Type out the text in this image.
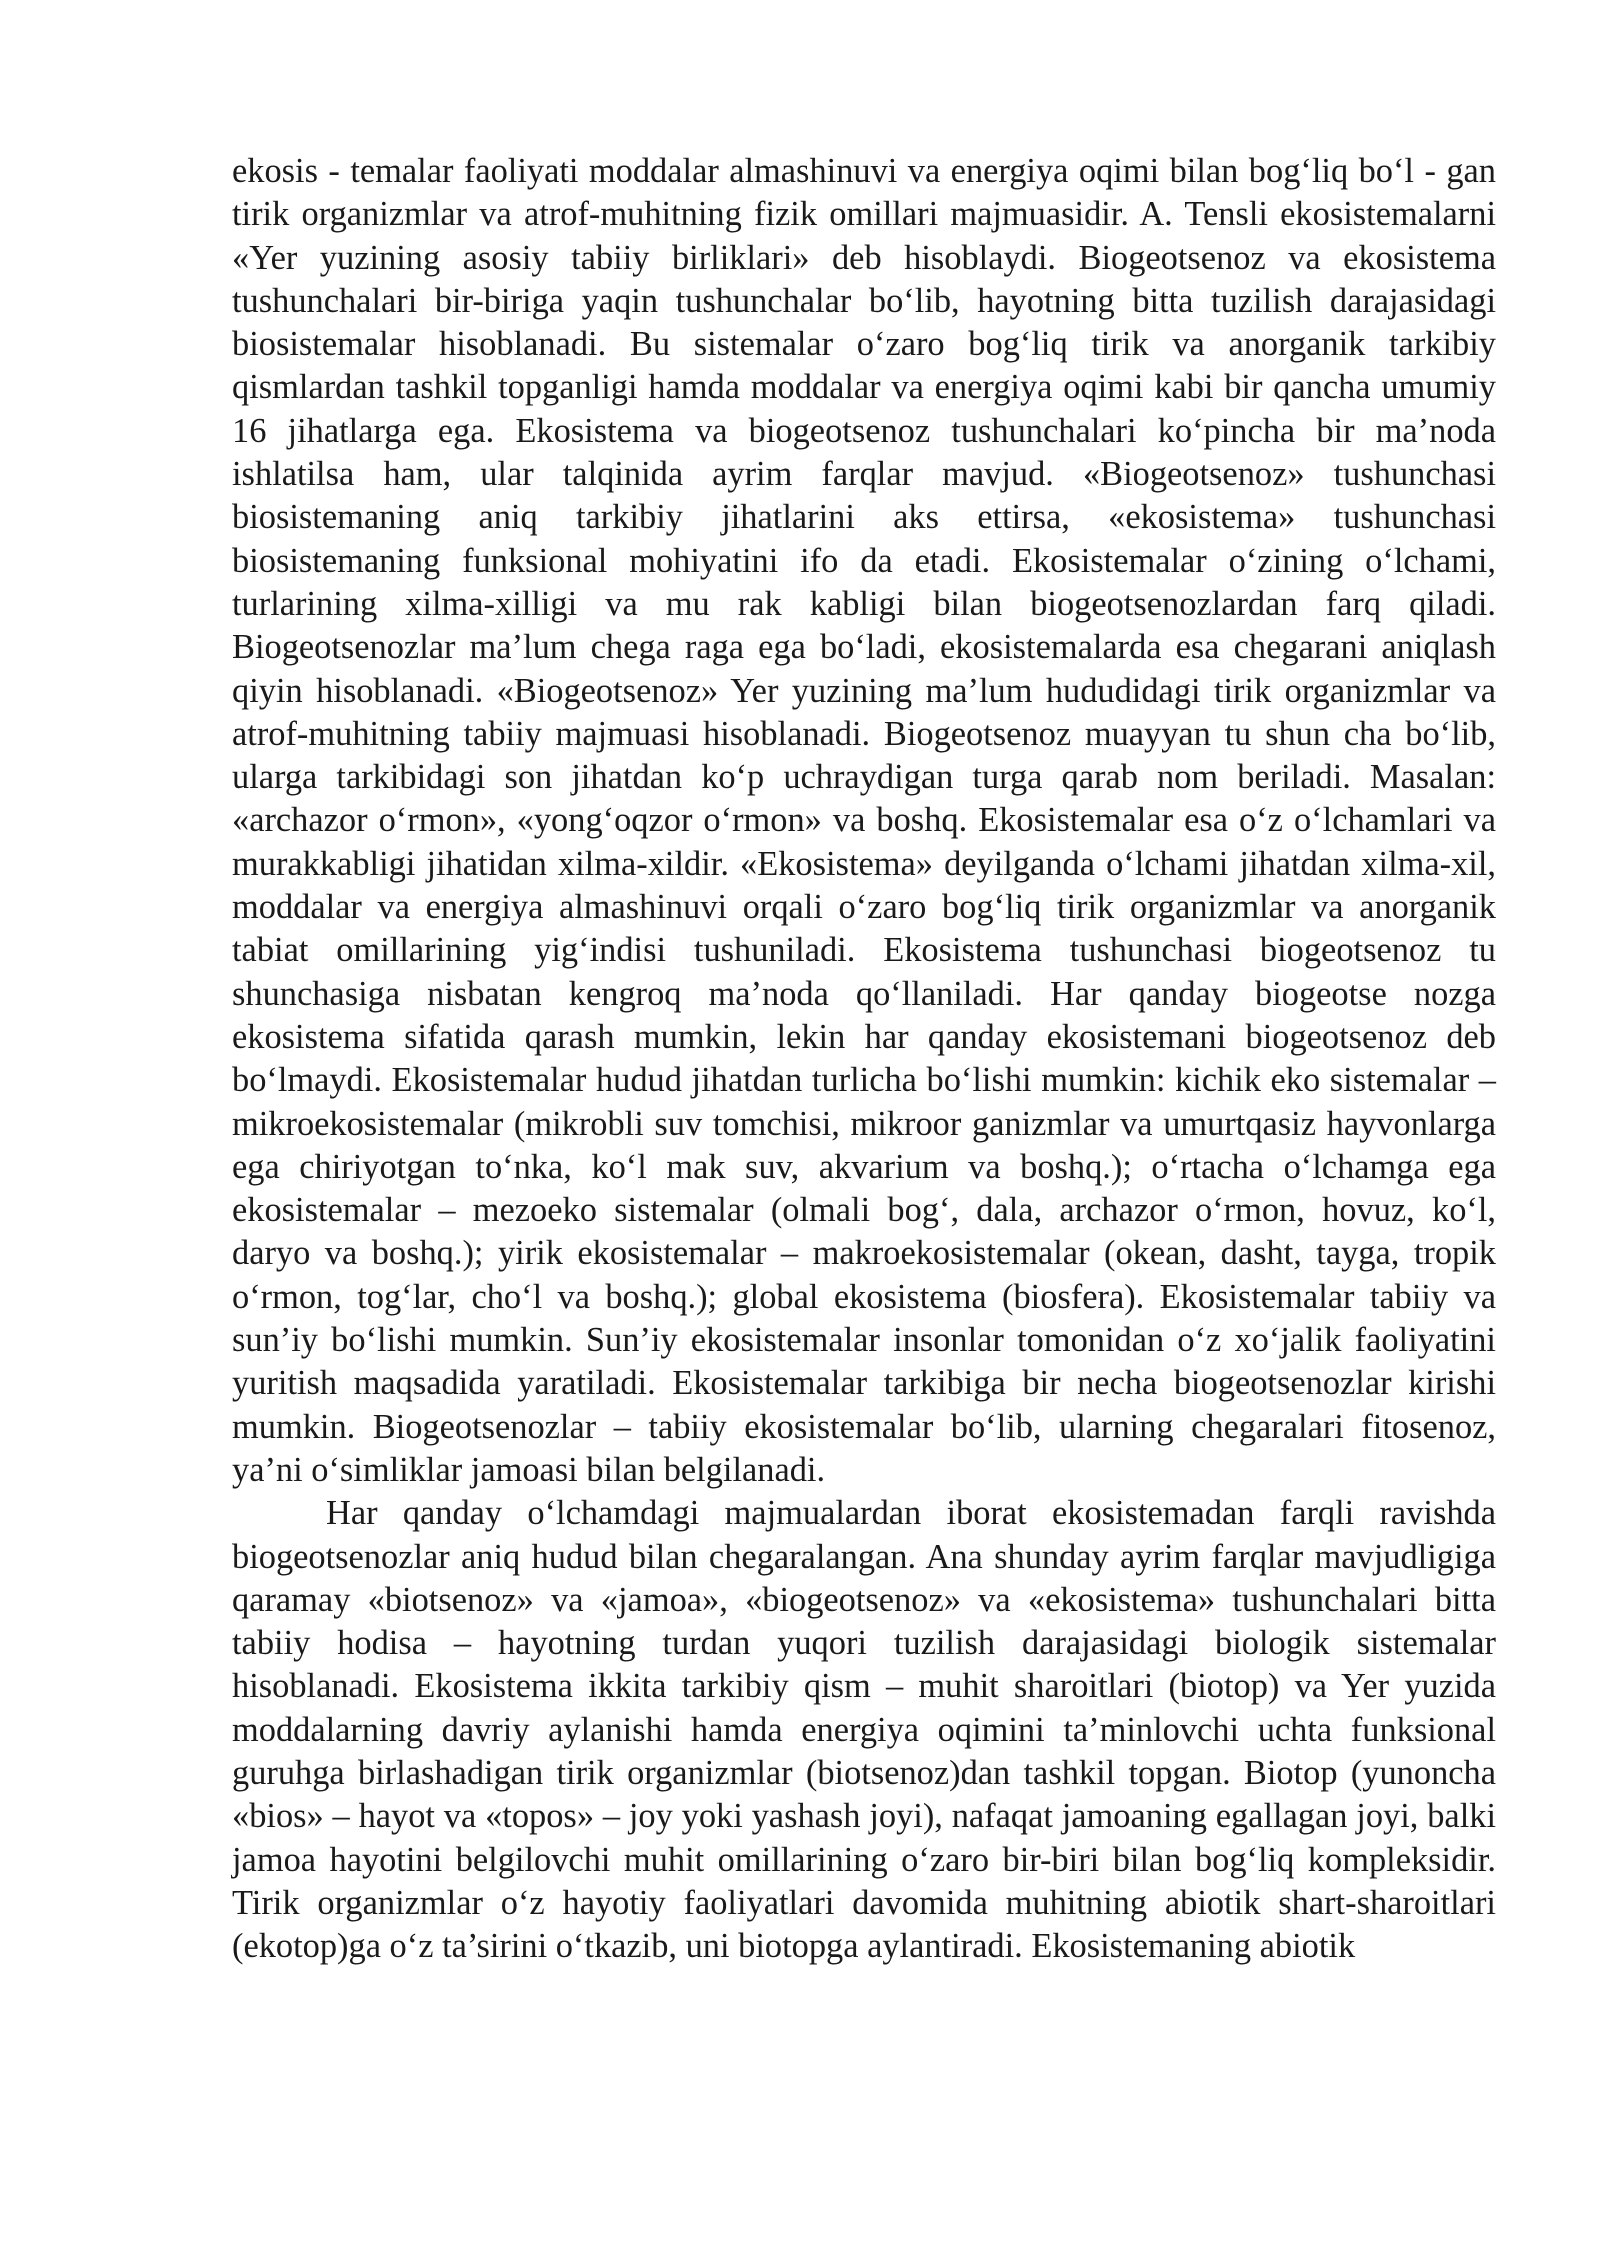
ekosis - temalar faoliyati moddalar almashinuvi va energiya oqimi bilan bog‘liq bo‘l - gan tirik organizmlar va atrof-muhitning fizik omillari majmuasidir. A. Tensli ekosistemalarni «Yer yuzining asosiy tabiiy birliklari» deb hisoblaydi. Biogeotsenoz va ekosistema tushunchalari bir-biriga yaqin tushunchalar bo‘lib, hayotning bitta tuzilish darajasidagi biosistemalar hisoblanadi. Bu sistemalar o‘zaro bog‘liq tirik va anorganik tarkibiy qismlardan tashkil topganligi hamda moddalar va energiya oqimi kabi bir qancha umumiy 16 jihatlarga ega. Ekosistema va biogeotsenoz tushunchalari ko‘pincha bir ma’noda ishlatilsa ham, ular talqinida ayrim farqlar mavjud. «Biogeotsenoz» tushunchasi biosistemaning aniq tarkibiy jihatlarini aks ettirsa, «ekosistema» tushunchasi biosistemaning funksional mohiyatini ifo da etadi. Ekosistemalar o‘zining o‘lchami, turlarining xilma-xilligi va mu rak kabligi bilan biogeotsenozlardan farq qiladi. Biogeotsenozlar ma’lum chega raga ega bo‘ladi, ekosistemalarda esa chegarani aniqlash qiyin hisoblanadi. «Biogeotsenoz» Yer yuzining ma’lum hududidagi tirik organizmlar va atrof-muhitning tabiiy majmuasi hisoblanadi. Biogeotsenoz muayyan tu shun cha bo‘lib, ularga tarkibidagi son jihatdan ko‘p uchraydigan turga qarab nom beriladi. Masalan: «archazor o‘rmon», «yong‘oqzor o‘rmon» va boshq. Ekosistemalar esa o‘z o‘lchamlari va murakkabligi jihatidan xilma-xildir. «Ekosistema» deyilganda o‘lchami jihatdan xilma-xil, moddalar va energiya almashinuvi orqali o‘zaro bog‘liq tirik organizmlar va anorganik tabiat omillarining yig‘indisi tushuniladi. Ekosistema tushunchasi biogeotsenoz tu shunchasiga nisbatan kengroq ma’noda qo‘llaniladi. Har qanday biogeotse nozga ekosistema sifatida qarash mumkin, lekin har qanday ekosistemani biogeotsenoz deb bo‘lmaydi. Ekosistemalar hudud jihatdan turlicha bo‘lishi mumkin: kichik eko sistemalar – mikroekosistemalar (mikrobli suv tomchisi, mikroor ganizmlar va umurtqasiz hayvonlarga ega chiriyotgan to‘nka, ko‘l mak suv, akvarium va boshq.); o‘rtacha o‘lchamga ega ekosistemalar – mezoeko sistemalar (olmali bog‘, dala, archazor o‘rmon, hovuz, ko‘l, daryo va boshq.); yirik ekosistemalar – makroekosistemalar (okean, dasht, tayga, tropik o‘rmon, tog‘lar, cho‘l va boshq.); global ekosistema (biosfera). Ekosistemalar tabiiy va sun’iy bo‘lishi mumkin. Sun’iy ekosistemalar insonlar tomonidan o‘z xo‘jalik faoliyatini yuritish maqsadida yaratiladi. Ekosistemalar tarkibiga bir necha biogeotsenozlar kirishi mumkin. Biogeotsenozlar – tabiiy ekosistemalar bo‘lib, ularning chegaralari fitosenoz, ya’ni o‘simliklar jamoasi bilan belgilanadi.

Har qanday o‘lchamdagi majmualardan iborat ekosistemadan farqli ravishda biogeotsenozlar aniq hudud bilan chegaralangan. Ana shunday ayrim farqlar mavjudligiga qaramay «biotsenoz» va «jamoa», «biogeotsenoz» va «ekosistema» tushunchalari bitta tabiiy hodisa – hayotning turdan yuqori tuzilish darajasidagi biologik sistemalar hisoblanadi. Ekosistema ikkita tarkibiy qism – muhit sharoitlari (biotop) va Yer yuzida moddalarning davriy aylanishi hamda energiya oqimini ta’minlovchi uchta funksional guruhga birlashadigan tirik organizmlar (biotsenoz)dan tashkil topgan. Biotop (yunoncha «bios» – hayot va «topos» – joy yoki yashash joyi), nafaqat jamoaning egallagan joyi, balki jamoa hayotini belgilovchi muhit omillarining o‘zaro bir-biri bilan bog‘liq kompleksidir. Tirik organizmlar o‘z hayotiy faoliyatlari davomida muhitning abiotik shart-sharoitlari (ekotop)ga o‘z ta’sirini o‘tkazib, uni biotopga aylantiradi. Ekosistemaning abiotik
